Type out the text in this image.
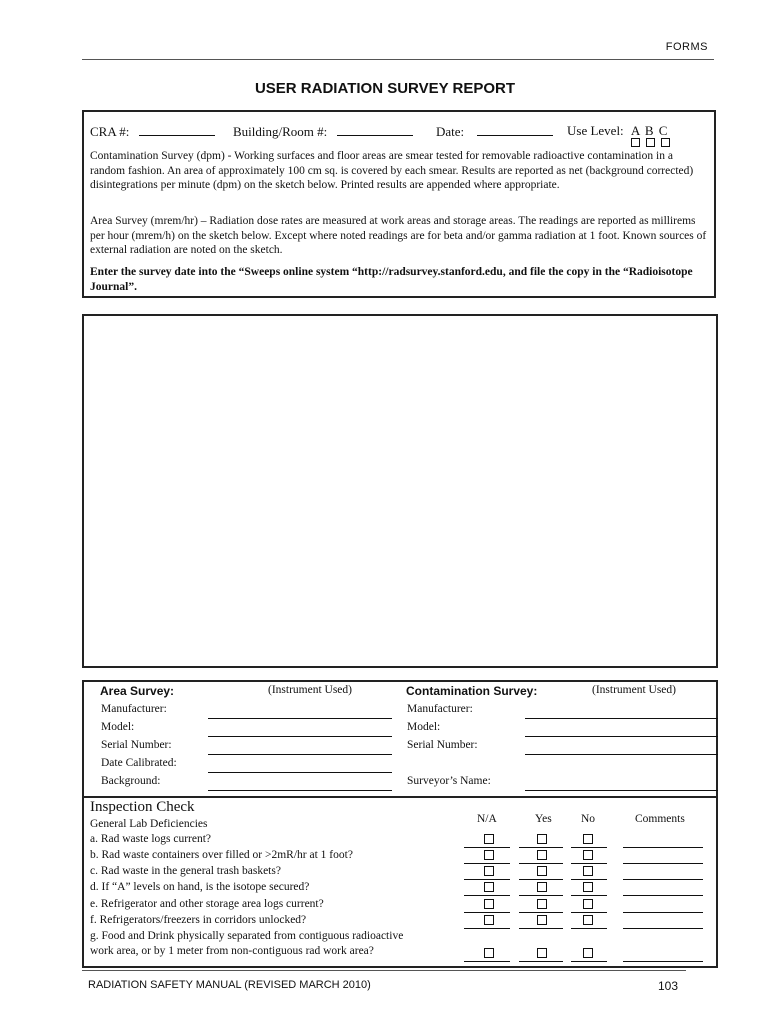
FORMS
USER RADIATION SURVEY REPORT
CRA #:	Building/Room #:	Date:	Use Level: A B C
Contamination Survey (dpm) - Working surfaces and floor areas are smear tested for removable radioactive contamination in a random fashion. An area of approximately 100 cm sq. is covered by each smear. Results are reported as net (background corrected) disintegrations per minute (dpm) on the sketch below. Printed results are appended where appropriate.
Area Survey (mrem/hr) – Radiation dose rates are measured at work areas and storage areas. The readings are reported as millirems per hour (mrem/h) on the sketch below. Except where noted readings are for beta and/or gamma radiation at 1 foot. Known sources of external radiation are noted on the sketch.
Enter the survey date into the “Sweeps online system “http://radsurvey.stanford.edu, and file the copy in the “Radioisotope Journal”.
Area Survey:	(Instrument Used)
Manufacturer:
Model:
Serial Number:
Date Calibrated:
Background:
Contamination Survey:	(Instrument Used)
Manufacturer:
Model:
Serial Number:
Surveyor’s Name:
Inspection Check
General Lab Deficiencies	N/A	Yes	No	Comments
a. Rad waste logs current?
b. Rad waste containers over filled or >2mR/hr at 1 foot?
c. Rad waste in the general trash baskets?
d. If “A” levels on hand, is the isotope secured?
e. Refrigerator and other storage area logs current?
f. Refrigerators/freezers in corridors unlocked?
g. Food and Drink physically separated from contiguous radioactive
work area, or by 1 meter from non-contiguous rad work area?
RADIATION SAFETY MANUAL (REVISED MARCH 2010)	103
